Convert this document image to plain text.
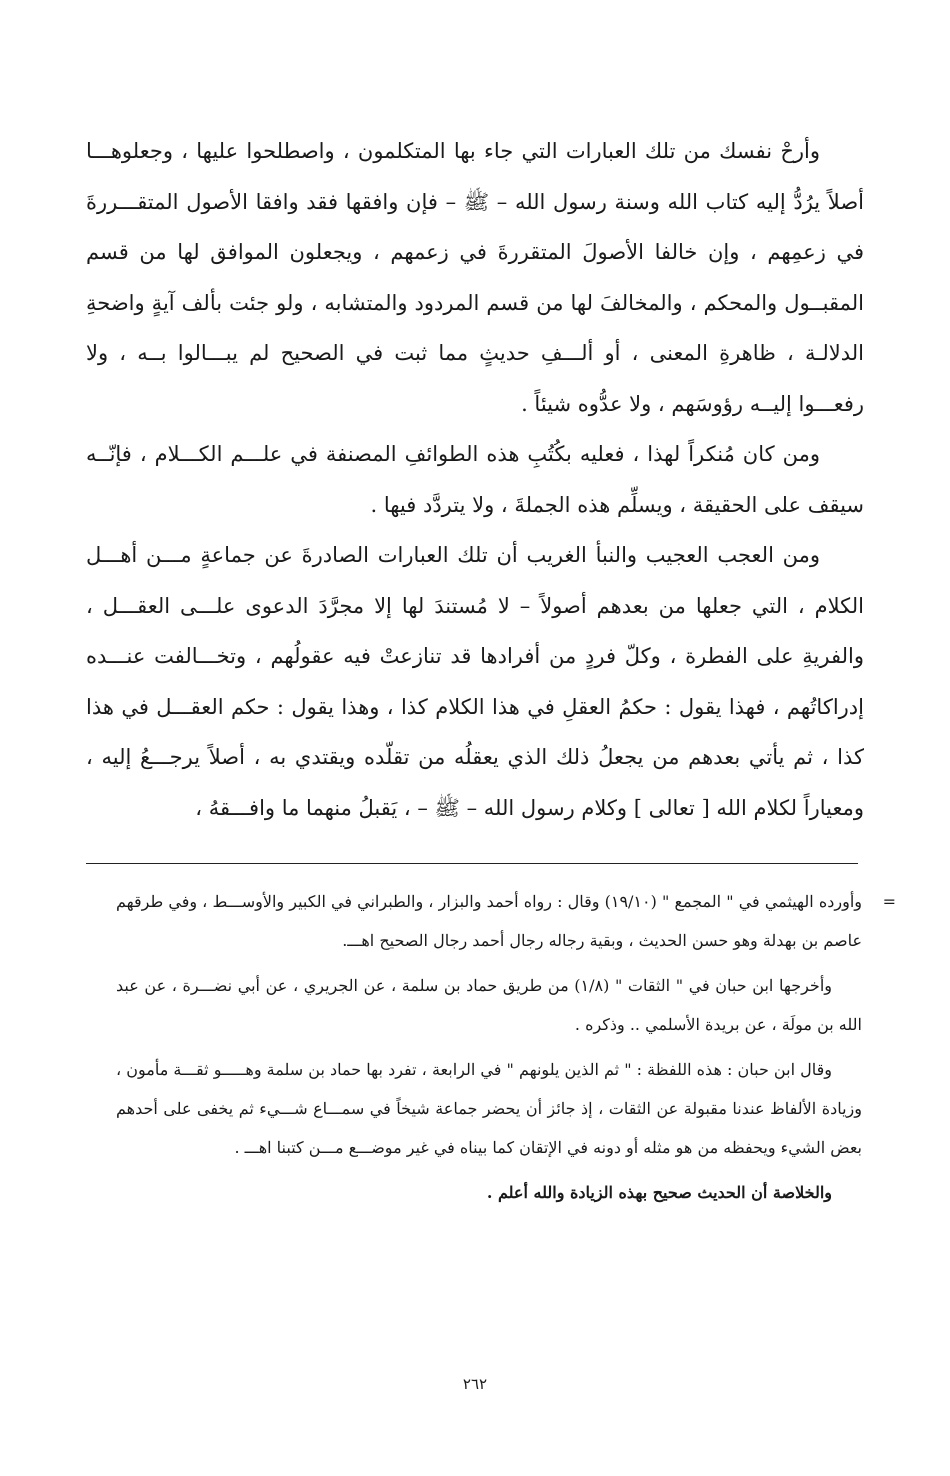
وأرحْ نفسك من تلك العبارات التي جاء بها المتكلمون ، واصطلحوا عليها ، وجعلوهـــا أصلاً يرُدُّ إليه كتاب الله وسنة رسول الله – ﷺ – فإن وافقها فقد وافقا الأصول المتقـــررةَ في زعمِهم ، وإن خالفا الأصولَ المتقررةَ في زعمهم ، ويجعلون الموافق لها من قسم المقبــول والمحكم ، والمخالفَ لها من قسم المردود والمتشابه ، ولو جئت بألف آيةٍ واضحةِ الدلالـة ، ظاهرةِ المعنى ، أو ألـــفِ حديثٍ مما ثبت في الصحيح لم يبـــالوا بــه ، ولا رفعـــوا إليــه رؤوسَهم ، ولا عدُّوه شيئاً .

ومن كان مُنكراً لهذا ، فعليه بكُتُبِ هذه الطوائفِ المصنفة في علـــم الكـــلام ، فإنّــه سيقف على الحقيقة ، ويسلِّم هذه الجملةَ ، ولا يتردَّد فيها .

ومن العجب العجيب والنبأ الغريب أن تلك العبارات الصادرةَ عن جماعةٍ مـــن أهـــل الكلام ، التي جعلها من بعدهم أصولاً – لا مُستندَ لها إلا مجرَّدَ الدعوى علـــى العقـــل ، والفريةِ على الفطرة ، وكلّ فردٍ من أفرادها قد تنازعتْ فيه عقولُهم ، وتخـــالفت عنـــده إدراكاتُهم ، فهذا يقول : حكمُ العقلِ في هذا الكلام كذا ، وهذا يقول : حكم العقـــل في هذا كذا ، ثم يأتي بعدهم من يجعلُ ذلك الذي يعقلُه من تقلّده ويقتدي به ، أصلاً يرجـــعُ إليه ، ومعياراً لكلام الله [ تعالى ] وكلام رسول الله – ﷺ – ، يَقبلُ منهما ما وافـــقهُ ،

=

وأورده الهيثمي في " المجمع " (١٩/١٠) وقال : رواه أحمد والبزار ، والطبراني في الكبير والأوســـط ، وفي طرقهم عاصم بن بهدلة وهو حسن الحديث ، وبقية رجاله رجال أحمد رجال الصحيح اهـــ.

وأخرجها ابن حبان في " الثقات " (١/٨) من طريق حماد بن سلمة ، عن الجريري ، عن أبي نضـــرة ، عن عبد الله بن مولَة ، عن بريدة الأسلمي .. وذكره .

وقال ابن حبان : هذه اللفظة : " ثم الذين يلونهم " في الرابعة ، تفرد بها حماد بن سلمة وهـــــو ثقـــة مأمون ، وزيادة الألفاظ عندنا مقبولة عن الثقات ، إذ جائز أن يحضر جماعة شيخاً في سمـــاع شـــيء ثم يخفى على أحدهم بعض الشيء ويحفظه من هو مثله أو دونه في الإتقان كما بيناه في غير موضـــع مـــن كتبنا اهـــ .

والخلاصة أن الحديث صحيح بهذه الزيادة والله أعلم .

٢٦٢
